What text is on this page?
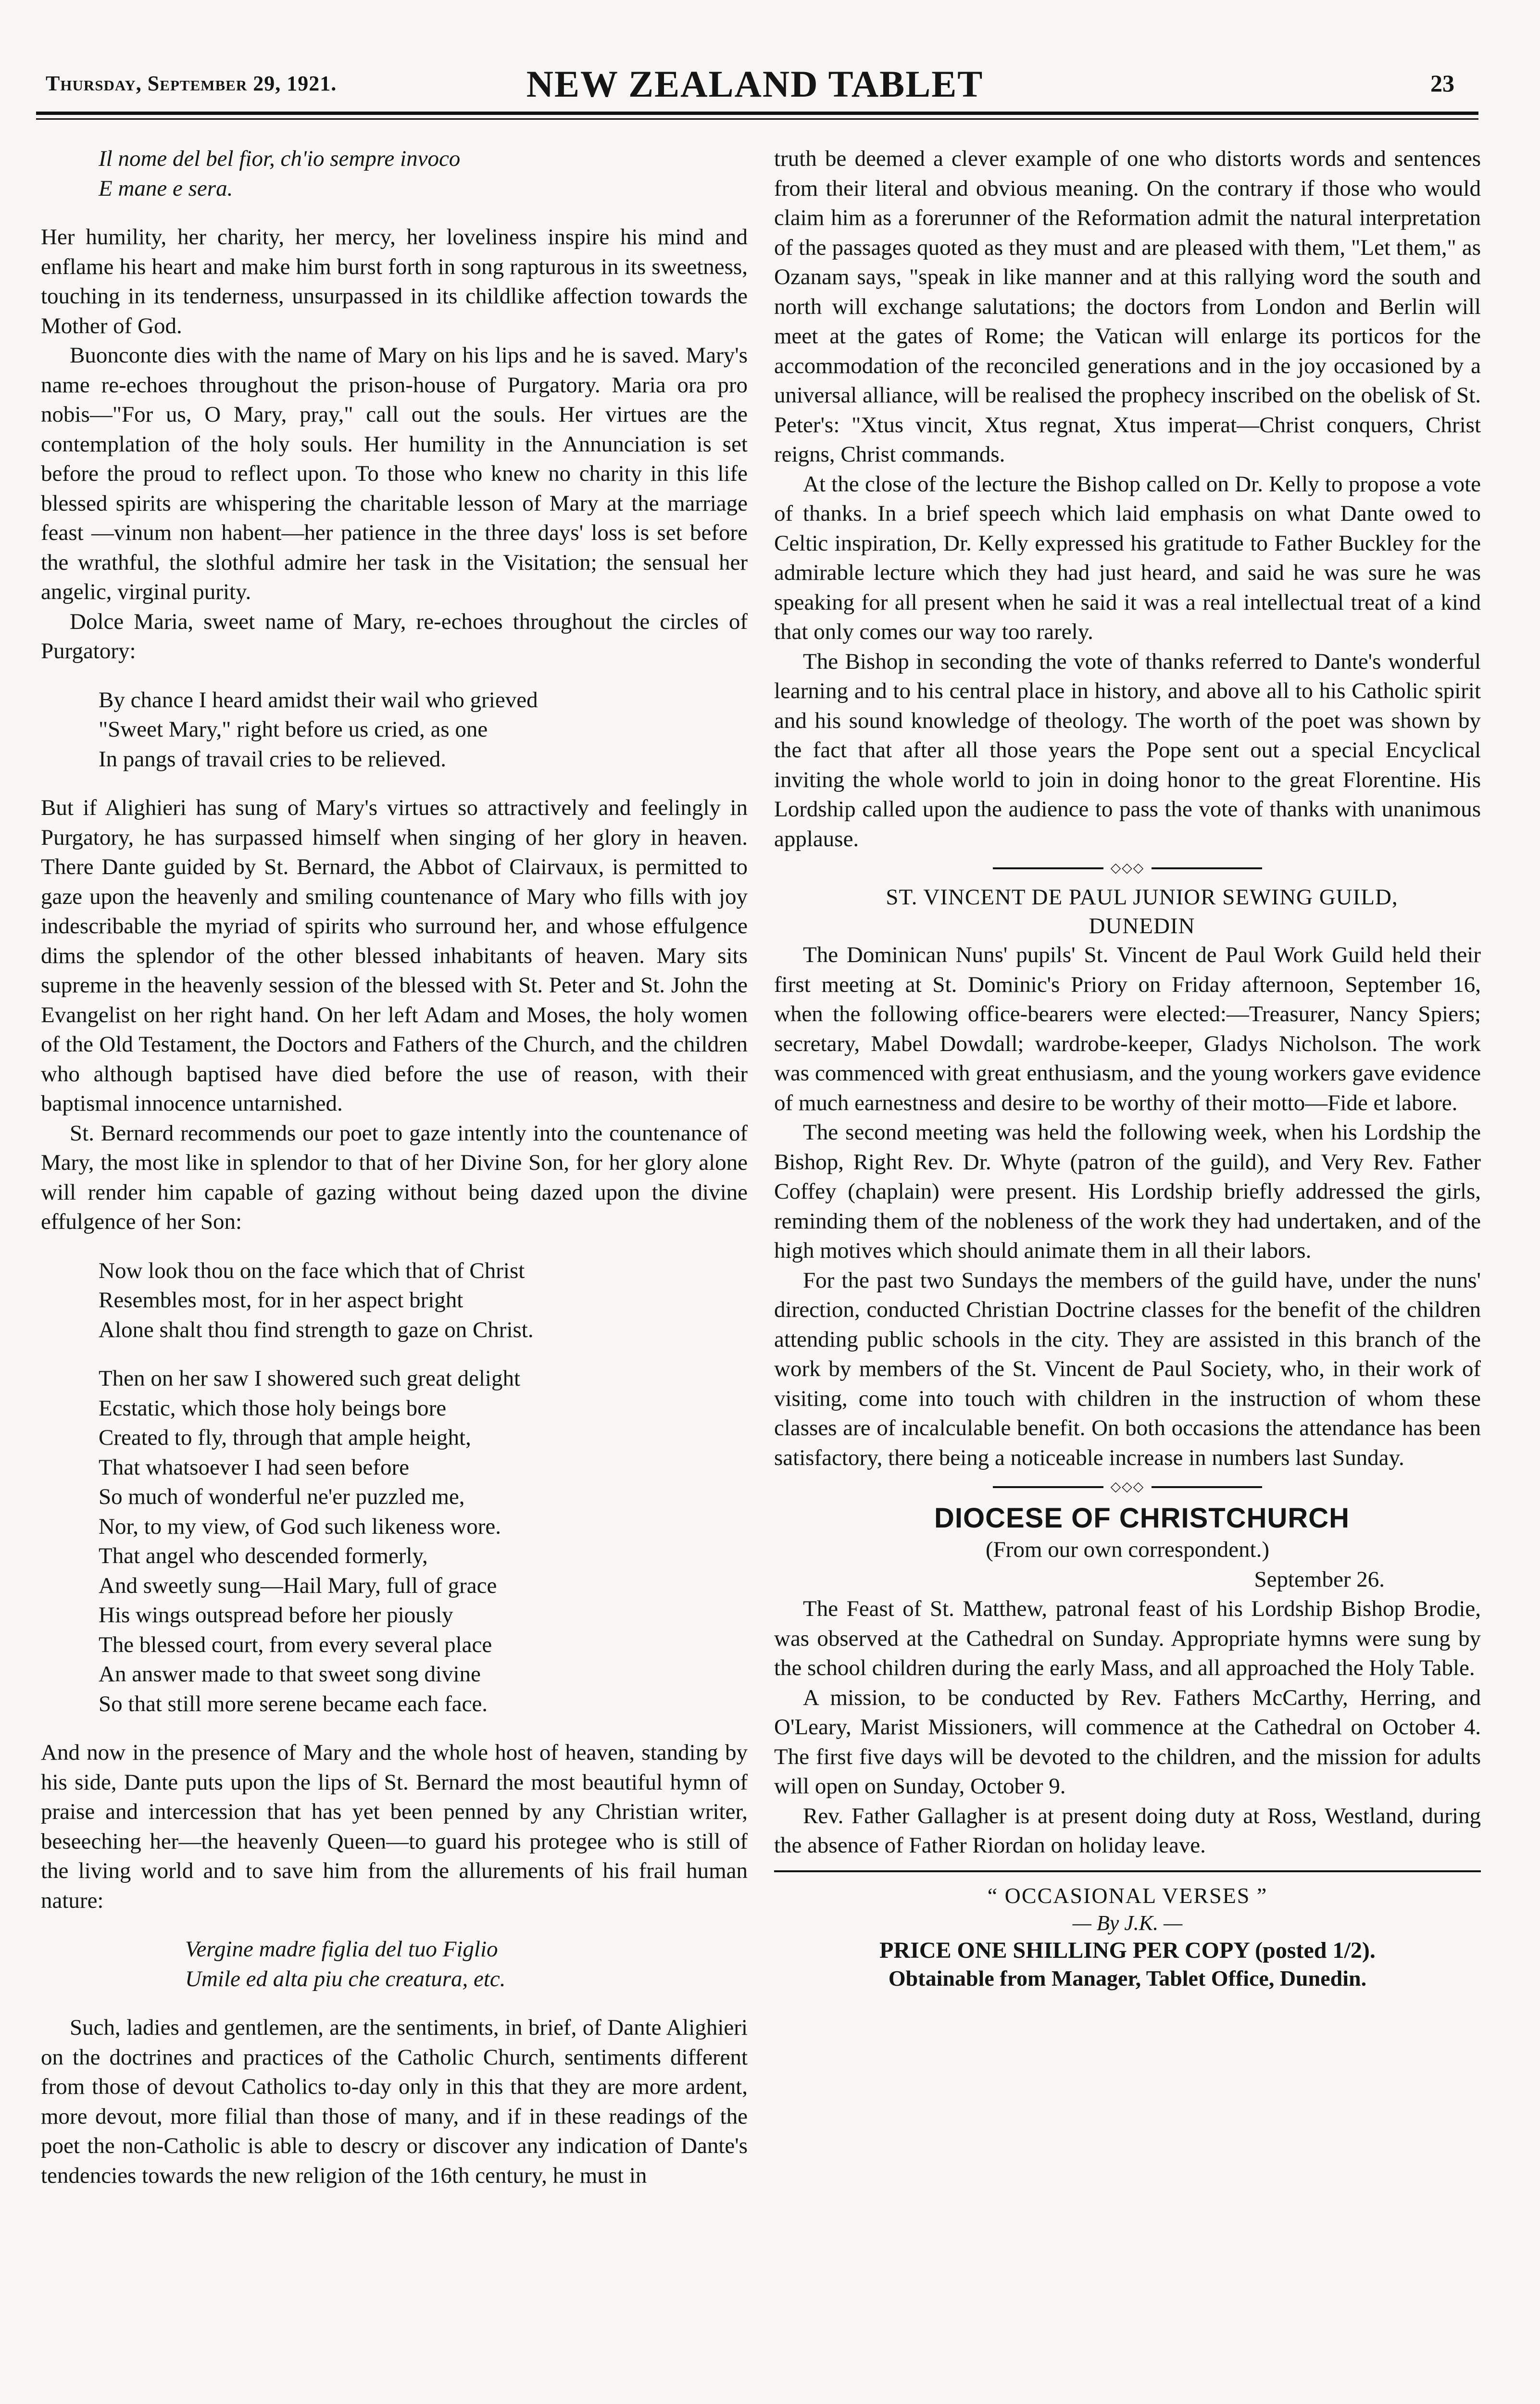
Thursday, September 29, 1921.	NEW ZEALAND TABLET	23
Il nome del bel fior, ch'io sempre invoco
E mane e sera.

Her humility, her charity, her mercy, her loveliness inspire his mind and enflame his heart and make him burst forth in song rapturous in its sweetness, touching in its tenderness, unsurpassed in its childlike affection towards the Mother of God.

Buonconte dies with the name of Mary on his lips and he is saved. Mary's name re-echoes throughout the prison-house of Purgatory. Maria ora pro nobis—"For us, O Mary, pray," call out the souls. Her virtues are the contemplation of the holy souls. Her humility in the Annunciation is set before the proud to reflect upon. To those who knew no charity in this life blessed spirits are whispering the charitable lesson of Mary at the marriage feast —vinum non habent—her patience in the three days' loss is set before the wrathful, the slothful admire her task in the Visitation; the sensual her angelic, virginal purity.

Dolce Maria, sweet name of Mary, re-echoes throughout the circles of Purgatory:

By chance I heard amidst their wail who grieved
"Sweet Mary," right before us cried, as one
In pangs of travail cries to be relieved.

But if Alighieri has sung of Mary's virtues so attractively and feelingly in Purgatory, he has surpassed himself when singing of her glory in heaven. There Dante guided by St. Bernard, the Abbot of Clairvaux, is permitted to gaze upon the heavenly and smiling countenance of Mary who fills with joy indescribable the myriad of spirits who surround her, and whose effulgence dims the splendor of the other blessed inhabitants of heaven. Mary sits supreme in the heavenly session of the blessed with St. Peter and St. John the Evangelist on her right hand. On her left Adam and Moses, the holy women of the Old Testament, the Doctors and Fathers of the Church, and the children who although baptised have died before the use of reason, with their baptismal innocence untarnished.

St. Bernard recommends our poet to gaze intently into the countenance of Mary, the most like in splendor to that of her Divine Son, for her glory alone will render him capable of gazing without being dazed upon the divine effulgence of her Son:

Now look thou on the face which that of Christ
Resembles most, for in her aspect bright
Alone shalt thou find strength to gaze on Christ.
Then on her saw I showered such great delight
Ecstatic, which those holy beings bore
Created to fly, through that ample height,
That whatsoever I had seen before
So much of wonderful ne'er puzzled me,
Nor, to my view, of God such likeness wore.
That angel who descended formerly,
And sweetly sung—Hail Mary, full of grace
His wings outspread before her piously
The blessed court, from every several place
An answer made to that sweet song divine
So that still more serene became each face.

And now in the presence of Mary and the whole host of heaven, standing by his side, Dante puts upon the lips of St. Bernard the most beautiful hymn of praise and intercession that has yet been penned by any Christian writer, beseeching her—the heavenly Queen—to guard his protegee who is still of the living world and to save him from the allurements of his frail human nature:

Vergine madre figlia del tuo Figlio
Umile ed alta piu che creatura, etc.

Such, ladies and gentlemen, are the sentiments, in brief, of Dante Alighieri on the doctrines and practices of the Catholic Church, sentiments different from those of devout Catholics to-day only in this that they are more ardent, more devout, more filial than those of many, and if in these readings of the poet the non-Catholic is able to descry or discover any indication of Dante's tendencies towards the new religion of the 16th century, he must in

truth be deemed a clever example of one who distorts words and sentences from their literal and obvious meaning. On the contrary if those who would claim him as a forerunner of the Reformation admit the natural interpretation of the passages quoted as they must and are pleased with them, "Let them," as Ozanam says, "speak in like manner and at this rallying word the south and north will exchange salutations; the doctors from London and Berlin will meet at the gates of Rome; the Vatican will enlarge its porticos for the accommodation of the reconciled generations and in the joy occasioned by a universal alliance, will be realised the prophecy inscribed on the obelisk of St. Peter's: "Xtus vincit, Xtus regnat, Xtus imperat—Christ conquers, Christ reigns, Christ commands.

At the close of the lecture the Bishop called on Dr. Kelly to propose a vote of thanks. In a brief speech which laid emphasis on what Dante owed to Celtic inspiration, Dr. Kelly expressed his gratitude to Father Buckley for the admirable lecture which they had just heard, and said he was sure he was speaking for all present when he said it was a real intellectual treat of a kind that only comes our way too rarely.

The Bishop in seconding the vote of thanks referred to Dante's wonderful learning and to his central place in history, and above all to his Catholic spirit and his sound knowledge of theology. The worth of the poet was shown by the fact that after all those years the Pope sent out a special Encyclical inviting the whole world to join in doing honor to the great Florentine. His Lordship called upon the audience to pass the vote of thanks with unanimous applause.

◇◇◇

ST. VINCENT DE PAUL JUNIOR SEWING GUILD,

DUNEDIN

The Dominican Nuns' pupils' St. Vincent de Paul Work Guild held their first meeting at St. Dominic's Priory on Friday afternoon, September 16, when the following office-bearers were elected:—Treasurer, Nancy Spiers; secretary, Mabel Dowdall; wardrobe-keeper, Gladys Nicholson. The work was commenced with great enthusiasm, and the young workers gave evidence of much earnestness and desire to be worthy of their motto—Fide et labore.

The second meeting was held the following week, when his Lordship the Bishop, Right Rev. Dr. Whyte (patron of the guild), and Very Rev. Father Coffey (chaplain) were present. His Lordship briefly addressed the girls, reminding them of the nobleness of the work they had undertaken, and of the high motives which should animate them in all their labors.

For the past two Sundays the members of the guild have, under the nuns' direction, conducted Christian Doctrine classes for the benefit of the children attending public schools in the city. They are assisted in this branch of the work by members of the St. Vincent de Paul Society, who, in their work of visiting, come into touch with children in the instruction of whom these classes are of incalculable benefit. On both occasions the attendance has been satisfactory, there being a noticeable increase in numbers last Sunday.

◇◇◇

DIOCESE OF CHRISTCHURCH

(From our own correspondent.)

September 26.

The Feast of St. Matthew, patronal feast of his Lordship Bishop Brodie, was observed at the Cathedral on Sunday. Appropriate hymns were sung by the school children during the early Mass, and all approached the Holy Table.

A mission, to be conducted by Rev. Fathers McCarthy, Herring, and O'Leary, Marist Missioners, will commence at the Cathedral on October 4. The first five days will be devoted to the children, and the mission for adults will open on Sunday, October 9.

Rev. Father Gallagher is at present doing duty at Ross, Westland, during the absence of Father Riordan on holiday leave.

“ OCCASIONAL VERSES ”
— By J.K. —
PRICE ONE SHILLING PER COPY (posted 1/2).
Obtainable from Manager, Tablet Office, Dunedin.
